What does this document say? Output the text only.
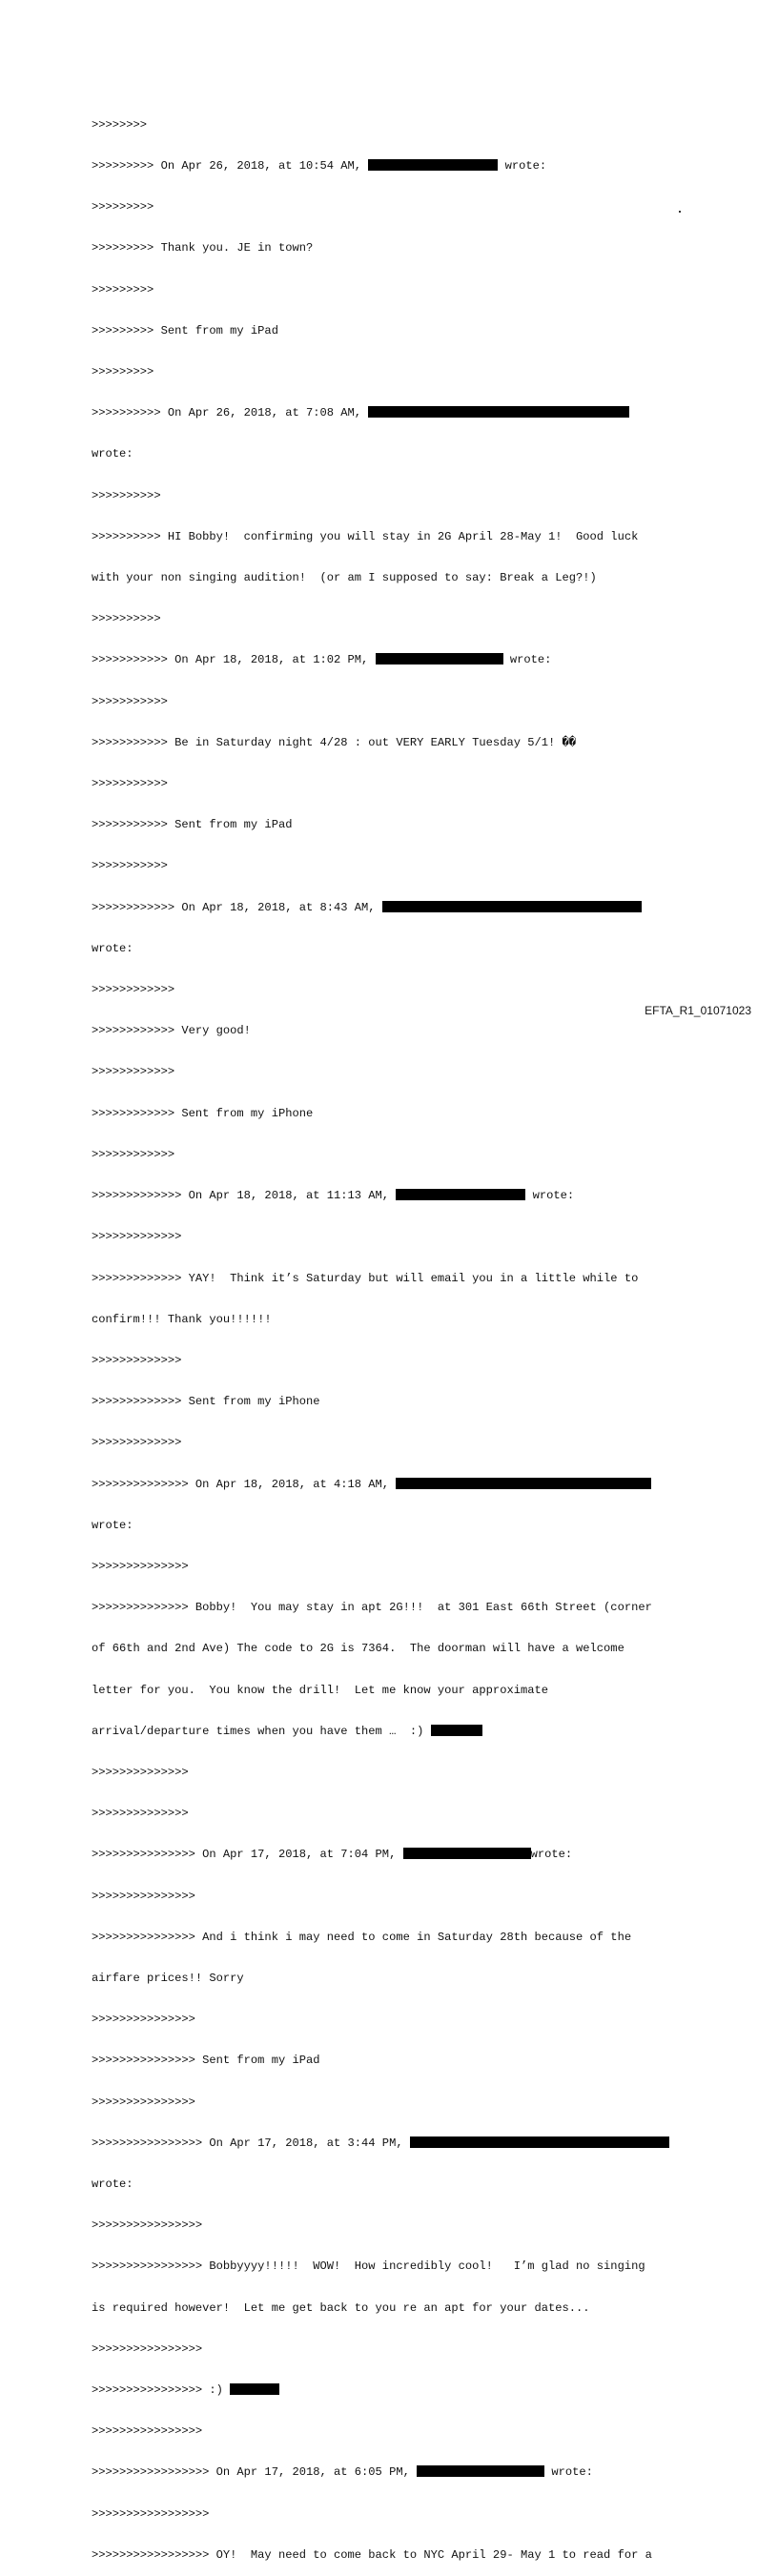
>>>>>>>>

>>>>>>>>> On Apr 26, 2018, at 10:54 AM,	wrote:

>>>>>>>>>

>>>>>>>>> Thank you. JE in town?

>>>>>>>>>

>>>>>>>>> Sent from my iPad

>>>>>>>>>

>>>>>>>>>> On Apr 26, 2018, at 7:08 AM,

wrote:

>>>>>>>>>>

>>>>>>>>>> HI Bobby!  confirming you will stay in 2G April 28-May 1!  Good luck

with your non singing audition!  (or am I supposed to say: Break a Leg?!)

>>>>>>>>>>

>>>>>>>>>>> On Apr 18, 2018, at 1:02 PM,	wrote:

>>>>>>>>>>>

>>>>>>>>>>> Be in Saturday night 4/28 : out VERY EARLY Tuesday 5/1! ��

>>>>>>>>>>>

>>>>>>>>>>> Sent from my iPad

>>>>>>>>>>>

>>>>>>>>>>>> On Apr 18, 2018, at 8:43 AM,

wrote:

>>>>>>>>>>>>

>>>>>>>>>>>> Very good!

>>>>>>>>>>>>

>>>>>>>>>>>> Sent from my iPhone

>>>>>>>>>>>>

>>>>>>>>>>>>> On Apr 18, 2018, at 11:13 AM,	wrote:

>>>>>>>>>>>>>

>>>>>>>>>>>>> YAY!  Think it’s Saturday but will email you in a little while to

confirm!!! Thank you!!!!!!

>>>>>>>>>>>>>

>>>>>>>>>>>>> Sent from my iPhone

>>>>>>>>>>>>>

>>>>>>>>>>>>>> On Apr 18, 2018, at 4:18 AM,

wrote:

>>>>>>>>>>>>>>

>>>>>>>>>>>>>> Bobby!  You may stay in apt 2G!!!  at 301 East 66th Street (corner

of 66th and 2nd Ave) The code to 2G is 7364.  The doorman will have a welcome

letter for you.  You know the drill!  Let me know your approximate

arrival/departure times when you have them …  :)

>>>>>>>>>>>>>>

>>>>>>>>>>>>>>

>>>>>>>>>>>>>>> On Apr 17, 2018, at 7:04 PM,	wrote:

>>>>>>>>>>>>>>>

>>>>>>>>>>>>>>> And i think i may need to come in Saturday 28th because of the

airfare prices!! Sorry

>>>>>>>>>>>>>>>

>>>>>>>>>>>>>>> Sent from my iPad

>>>>>>>>>>>>>>>

>>>>>>>>>>>>>>>> On Apr 17, 2018, at 3:44 PM,

wrote:

>>>>>>>>>>>>>>>>

>>>>>>>>>>>>>>>> Bobbyyyy!!!!!  WOW!  How incredibly cool!   I’m glad no singing

is required however!  Let me get back to you re an apt for your dates...

>>>>>>>>>>>>>>>>

>>>>>>>>>>>>>>>> :)

>>>>>>>>>>>>>>>>

>>>>>>>>>>>>>>>>> On Apr 17, 2018, at 6:05 PM,	wrote:

>>>>>>>>>>>>>>>>>

>>>>>>>>>>>>>>>>> OY!  May need to come back to NYC April 29- May 1 to read for a

EFTA_R1_01071023
